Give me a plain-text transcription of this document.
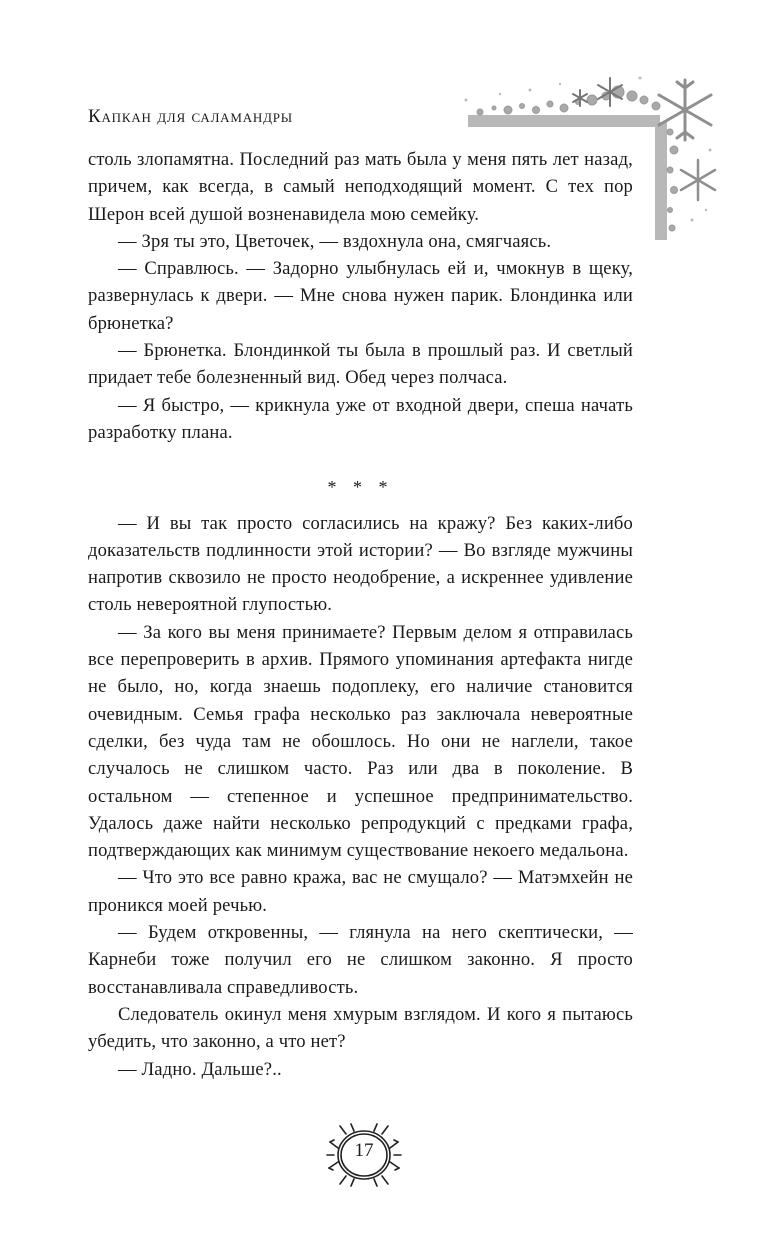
Капкан для саламандры

столь злопамятна. Последний раз мать была у меня пять лет назад, причем, как всегда, в самый неподходящий момент. С тех пор Шерон всей душой возненавидела мою семейку.

— Зря ты это, Цветочек, — вздохнула она, смягчаясь.

— Справлюсь. — Задорно улыбнулась ей и, чмокнув в щеку, развернулась к двери. — Мне снова нужен парик. Блондинка или брюнетка?

— Брюнетка. Блондинкой ты была в прошлый раз. И светлый придает тебе болезненный вид. Обед через полчаса.

— Я быстро, — крикнула уже от входной двери, спеша начать разработку плана.

* * *

— И вы так просто согласились на кражу? Без каких-либо доказательств подлинности этой истории? — Во взгляде мужчины напротив сквозило не просто неодобрение, а искреннее удивление столь невероятной глупостью.

— За кого вы меня принимаете? Первым делом я отправилась все перепроверить в архив. Прямого упоминания артефакта нигде не было, но, когда знаешь подоплеку, его наличие становится очевидным. Семья графа несколько раз заключала невероятные сделки, без чуда там не обошлось. Но они не наглели, такое случалось не слишком часто. Раз или два в поколение. В остальном — степенное и успешное предпринимательство. Удалось даже найти несколько репродукций с предками графа, подтверждающих как минимум существование некоего медальона.

— Что это все равно кража, вас не смущало? — Матэмхейн не проникся моей речью.

— Будем откровенны, — глянула на него скептически, — Карнеби тоже получил его не слишком законно. Я просто восстанавливала справедливость.

Следователь окинул меня хмурым взглядом. И кого я пытаюсь убедить, что законно, а что нет?

— Ладно. Дальше?..

17
